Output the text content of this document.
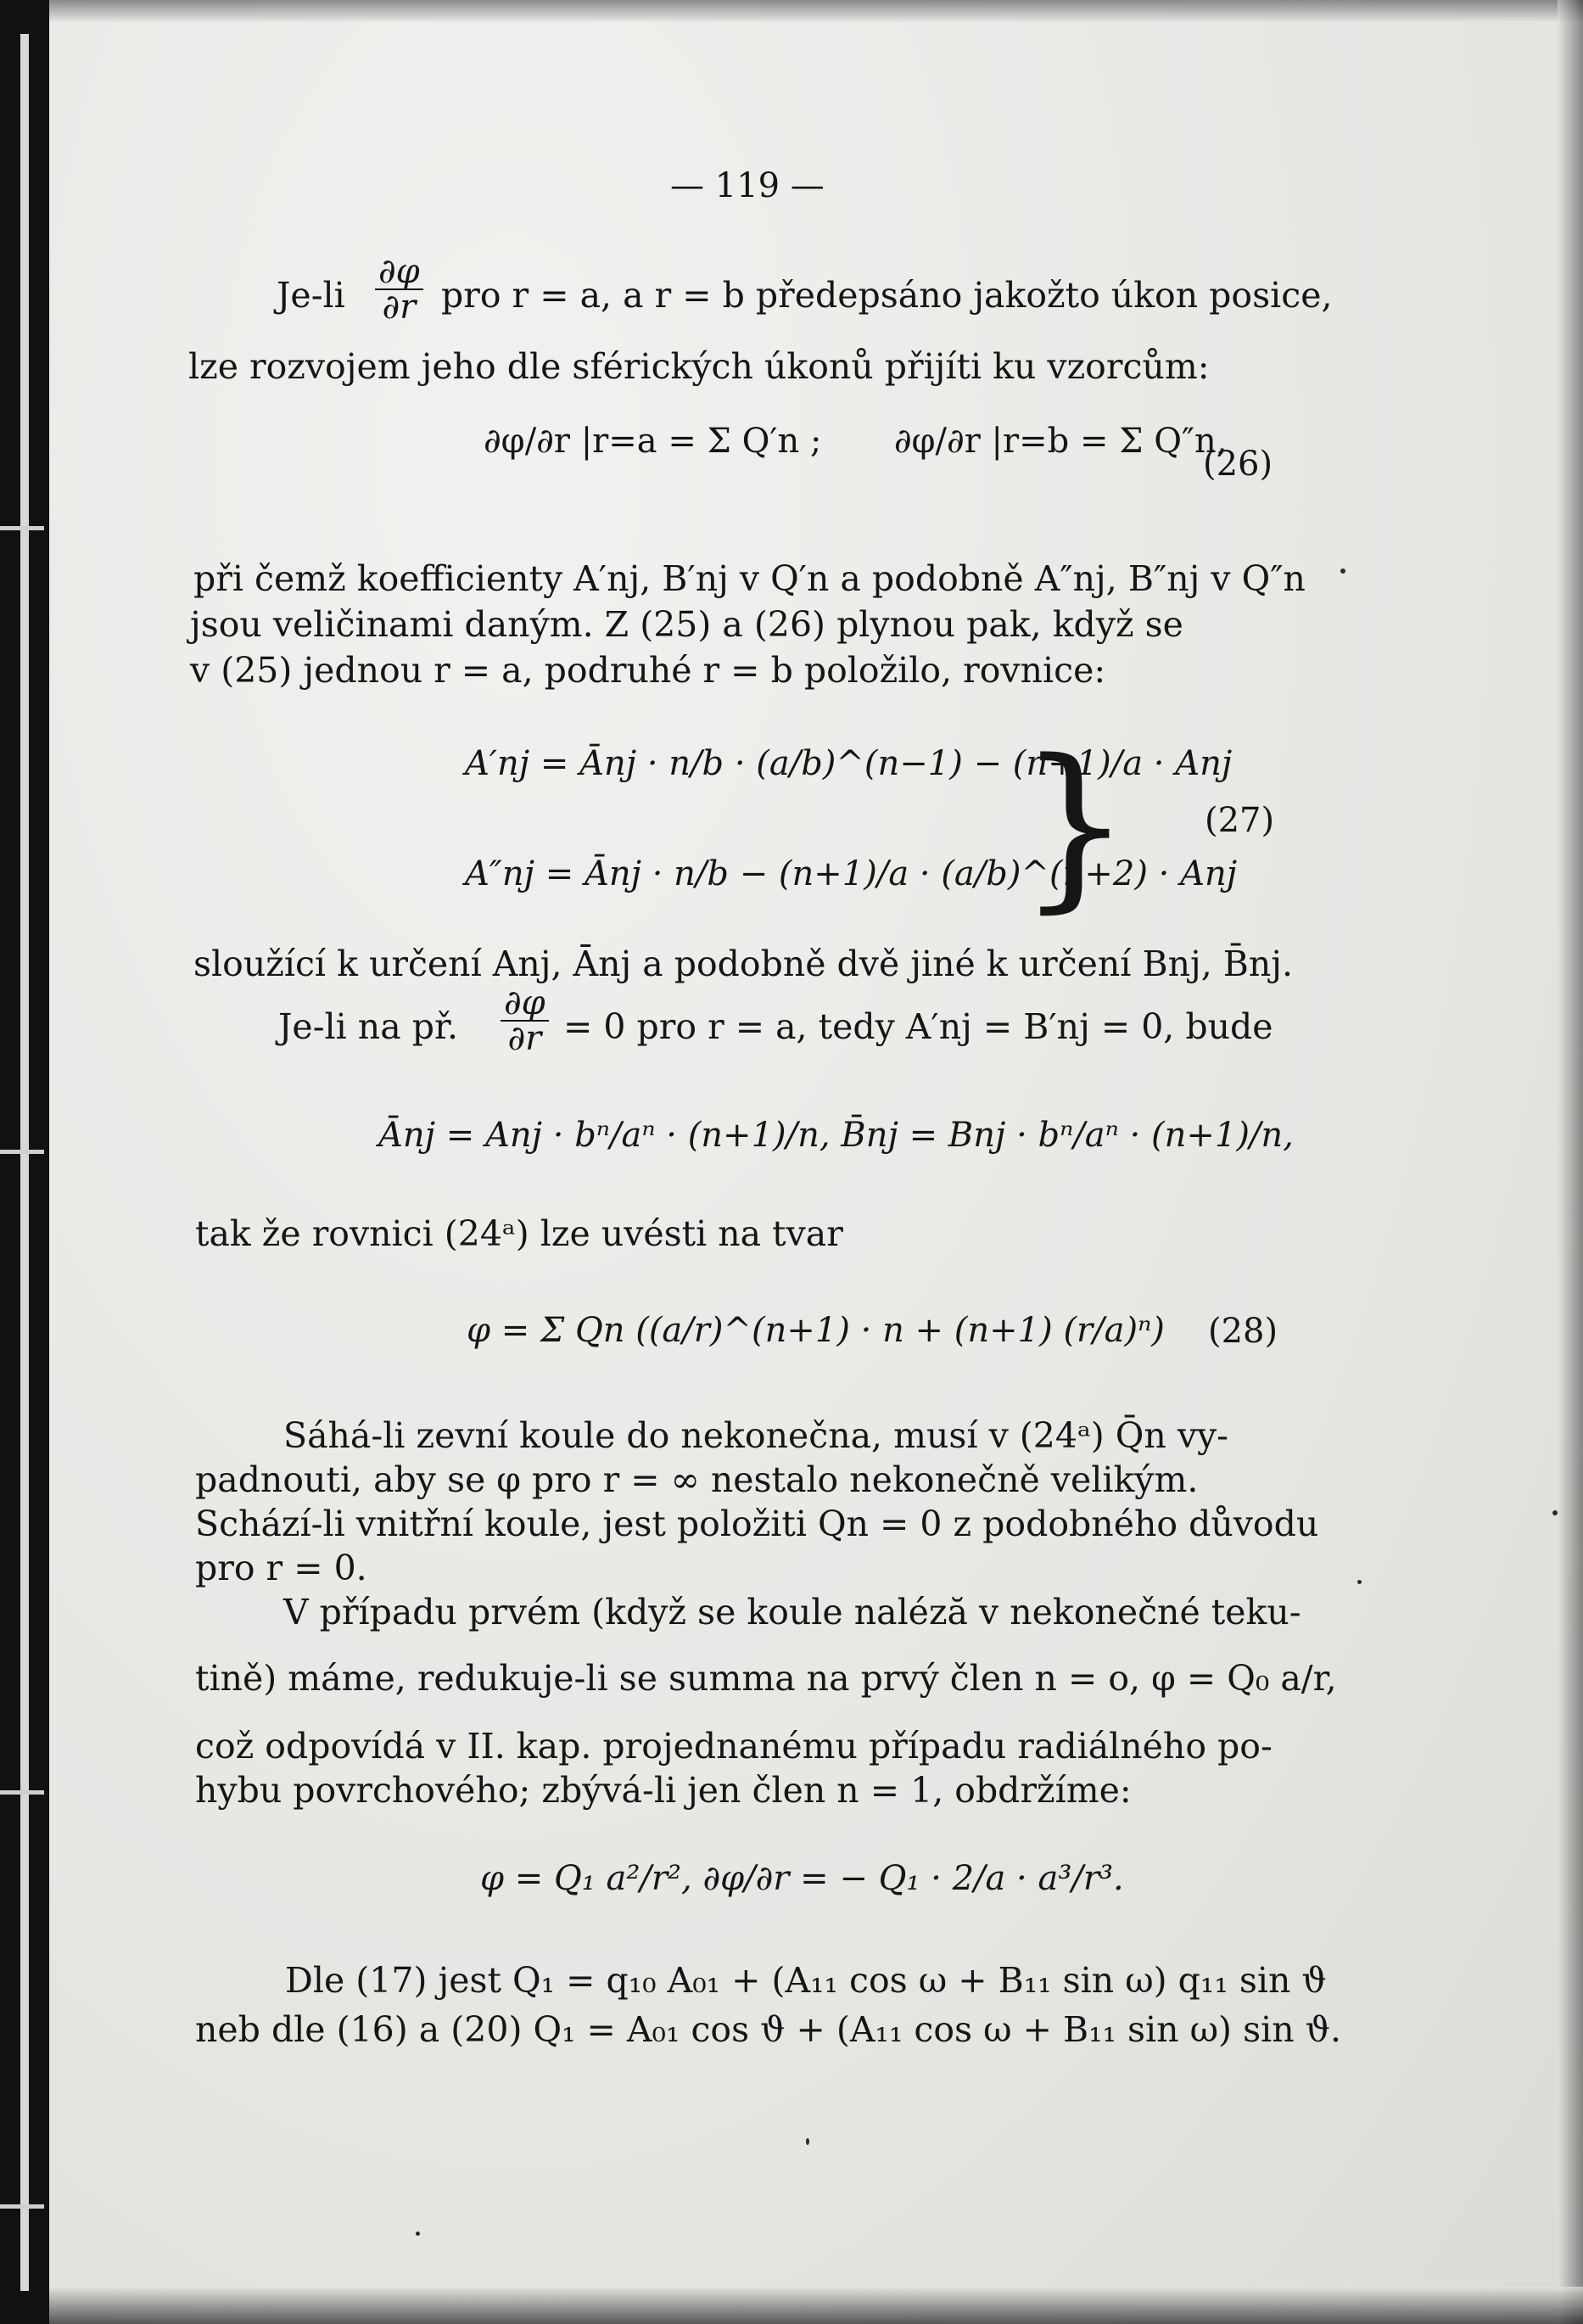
— 119 —
$Je-li \frac{\partial\varphi}{\partial r}$ pro r = a, a r = b předepsáno jakožto úkon posice,
lze rozvojem jeho dle sférických úkonů přijíti ku vzorcům:
∂φ/∂r |r=a = Σ Q′n ; ∂φ/∂r |r=b = Σ Q″n,
(26)
při čemž koefficienty A′nj, B′nj v Q′n a podobně A″nj, B″nj v Q″n
jsou veličinami daným. Z (25) a (26) plynou pak, když se
v (25) jednou r = a, podruhé r = b položilo, rovnice:
A′nj = Ānj · n/b · (a/b)^(n−1) − (n+1)/a · Anj
A″nj = Ānj · n/b − (n+1)/a · (a/b)^(n+2) · Anj
} (27)
sloužící k určení Anj, Ānj a podobně dvě jiné k určení Bnj, B̄nj.
Je-li na př. $\frac{\partial\varphi}{\partial r} = 0$ pro r = a, tedy A′nj = B′nj = 0, bude
Ānj = Anj · bⁿ/aⁿ · (n+1)/n, B̄nj = Bnj · bⁿ/aⁿ · (n+1)/n,
tak že rovnici (24ᵃ) lze uvésti na tvar
φ = Σ Qn ((a/r)^(n+1) · n + (n+1) (r/a)ⁿ) (28)
Sáhá-li zevní koule do nekonečna, musí v (24ᵃ) Q̄n vy-
padnouti, aby se φ pro r = ∞ nestalo nekonečně velikým.
Schází-li vnitřní koule, jest položiti Qn = 0 z podobného důvodu
pro r = 0.
V případu prvém (když se koule naléză v nekonečné teku-
tině) máme, redukuje-li se summa na prvý člen n = o, φ = Q₀ a/r,
což odpovídá v II. kap. projednanému případu radiálného po-
hybu povrchového; zbývá-li jen člen n = 1, obdržíme:
φ = Q₁ a²/r², ∂φ/∂r = − Q₁ · 2/a · a³/r³.
Dle (17) jest Q₁ = q₁₀ A₀₁ + (A₁₁ cos ω + B₁₁ sin ω) q₁₁ sin ϑ
neb dle (16) a (20) Q₁ = A₀₁ cos ϑ + (A₁₁ cos ω + B₁₁ sin ω) sin ϑ.
